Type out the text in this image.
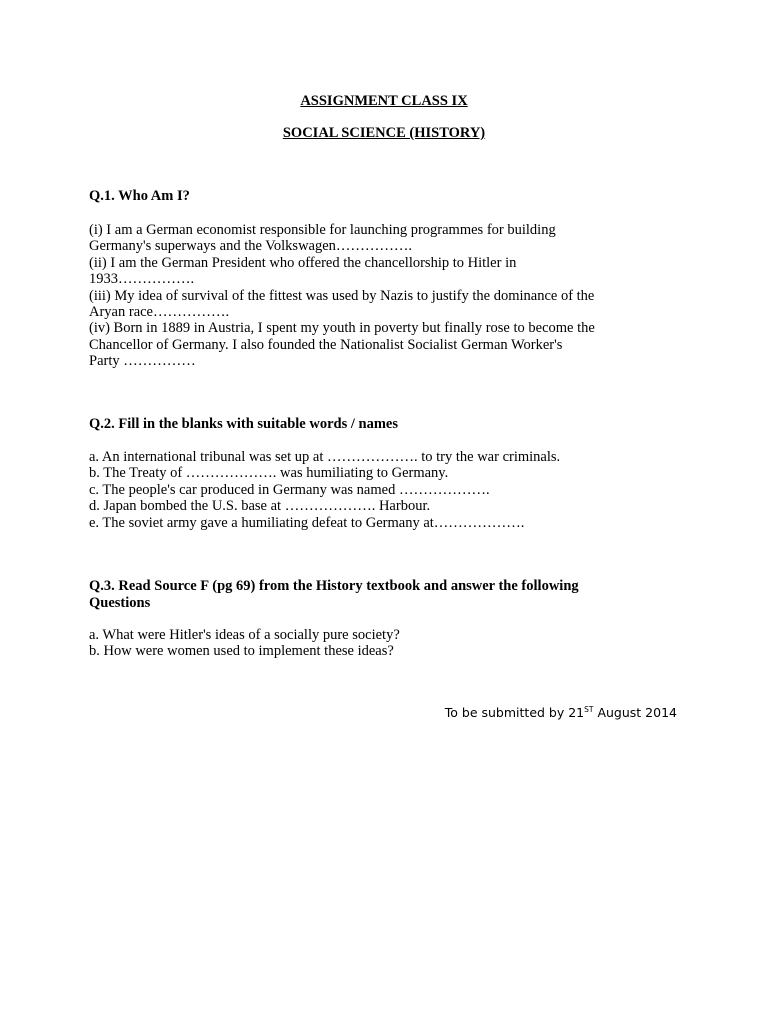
ASSIGNMENT CLASS IX
SOCIAL SCIENCE (HISTORY)
Q.1. Who Am I?
(i) I am a German economist responsible for launching programmes for building
Germany's superways and the Volkswagen…………….
(ii) I am the German President who offered the chancellorship to Hitler in
1933…………….
(iii) My idea of survival of the fittest was used by Nazis to justify the dominance of the
Aryan race…………….
(iv) Born in 1889 in Austria, I spent my youth in poverty but finally rose to become the
Chancellor of Germany. I also founded the Nationalist Socialist German Worker's
Party ……………
Q.2. Fill in the blanks with suitable words / names
a. An international tribunal was set up at ………………. to try the war criminals.
b. The Treaty of ………………. was humiliating to Germany.
c. The people's car produced in Germany was named ……………….
d. Japan bombed the U.S. base at ………………. Harbour.
e. The soviet army gave a humiliating defeat to Germany at……………….
Q.3. Read Source F (pg 69) from the History textbook and answer the following
Questions
a. What were Hitler's ideas of a socially pure society?
b. How were women used to implement these ideas?
To be submitted by 21ST August 2014
